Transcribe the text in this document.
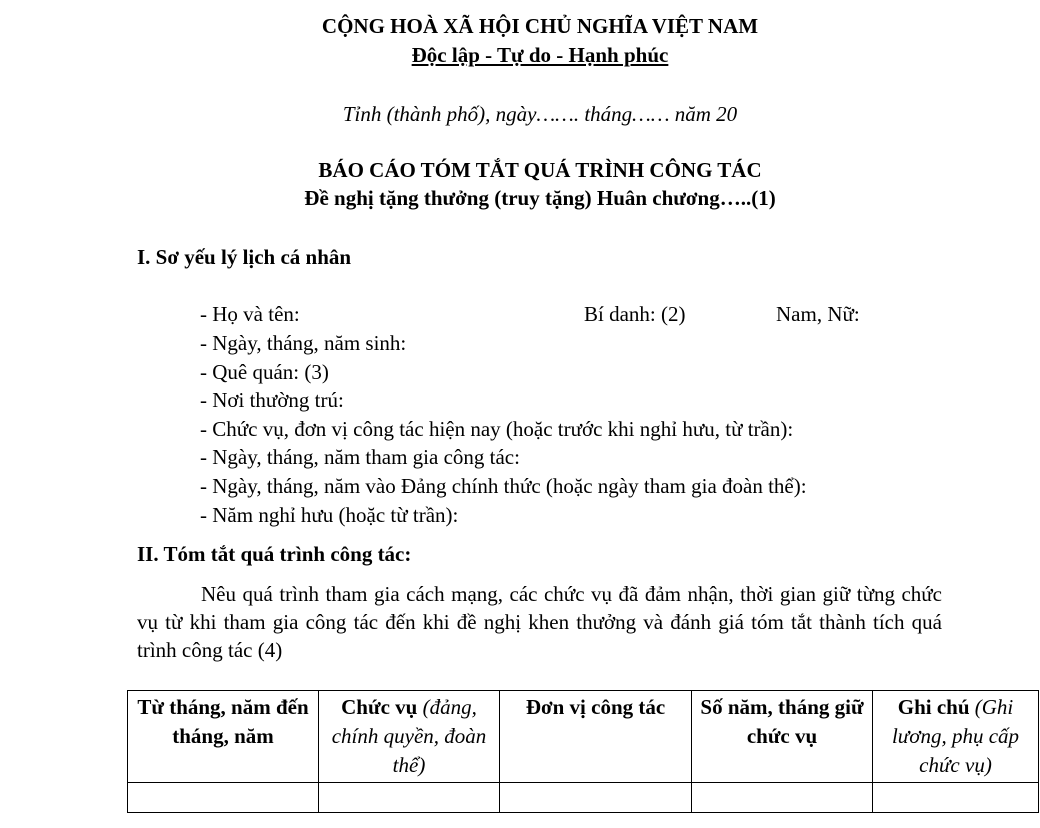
CỘNG HOÀ XÃ HỘI CHỦ NGHĨA VIỆT NAM
Độc lập - Tự do - Hạnh phúc
Tỉnh (thành phố), ngày……. tháng…… năm 20
BÁO CÁO TÓM TẮT QUÁ TRÌNH CÔNG TÁC
Đề nghị tặng thưởng (truy tặng) Huân chương…..(1)
I. Sơ yếu lý lịch cá nhân
- Họ và tên:	Bí danh: (2)	Nam, Nữ:
- Ngày, tháng, năm sinh:
- Quê quán: (3)
- Nơi thường trú:
- Chức vụ, đơn vị công tác hiện nay (hoặc trước khi nghỉ hưu, từ trần):
- Ngày, tháng, năm tham gia công tác:
- Ngày, tháng, năm vào Đảng chính thức (hoặc ngày tham gia đoàn thể):
- Năm nghỉ hưu (hoặc từ trần):
II. Tóm tắt quá trình công tác:
Nêu quá trình tham gia cách mạng, các chức vụ đã đảm nhận, thời gian giữ từng chức vụ từ khi tham gia công tác đến khi đề nghị khen thưởng và đánh giá tóm tắt thành tích quá trình công tác (4)
Từ tháng, năm đến tháng, năm	Chức vụ (đảng, chính quyền, đoàn thể)	Đơn vị công tác	Số năm, tháng giữ chức vụ	Ghi chú (Ghi lương, phụ cấp chức vụ)
